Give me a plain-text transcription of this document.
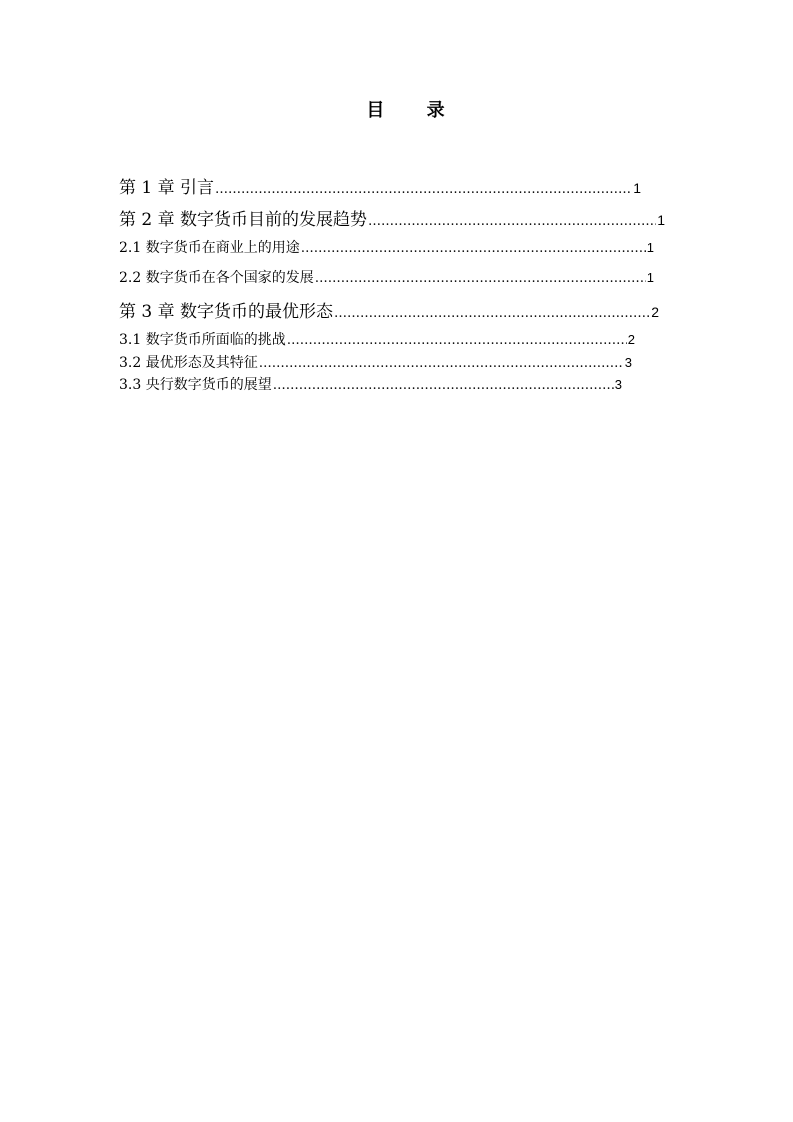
目 录
第 1 章 引言 …………………………………………………………………………………………………………………………………………………………………………………………	1
第 2 章 数字货币目前的发展趋势 …………………………………………………………………………………………………………………………………………………………………………………………	1
2.1 数字货币在商业上的用途 …………………………………………………………………………………………………………………………………………………………………………………………	1
2.2 数字货币在各个国家的发展 …………………………………………………………………………………………………………………………………………………………………………………………	1
第 3 章 数字货币的最优形态 …………………………………………………………………………………………………………………………………………………………………………………………	2
3.1 数字货币所面临的挑战 …………………………………………………………………………………………………………………………………………………………………………………………	2
3.2 最优形态及其特征 …………………………………………………………………………………………………………………………………………………………………………………………	3
3.3 央行数字货币的展望 …………………………………………………………………………………………………………………………………………………………………………………………	3
